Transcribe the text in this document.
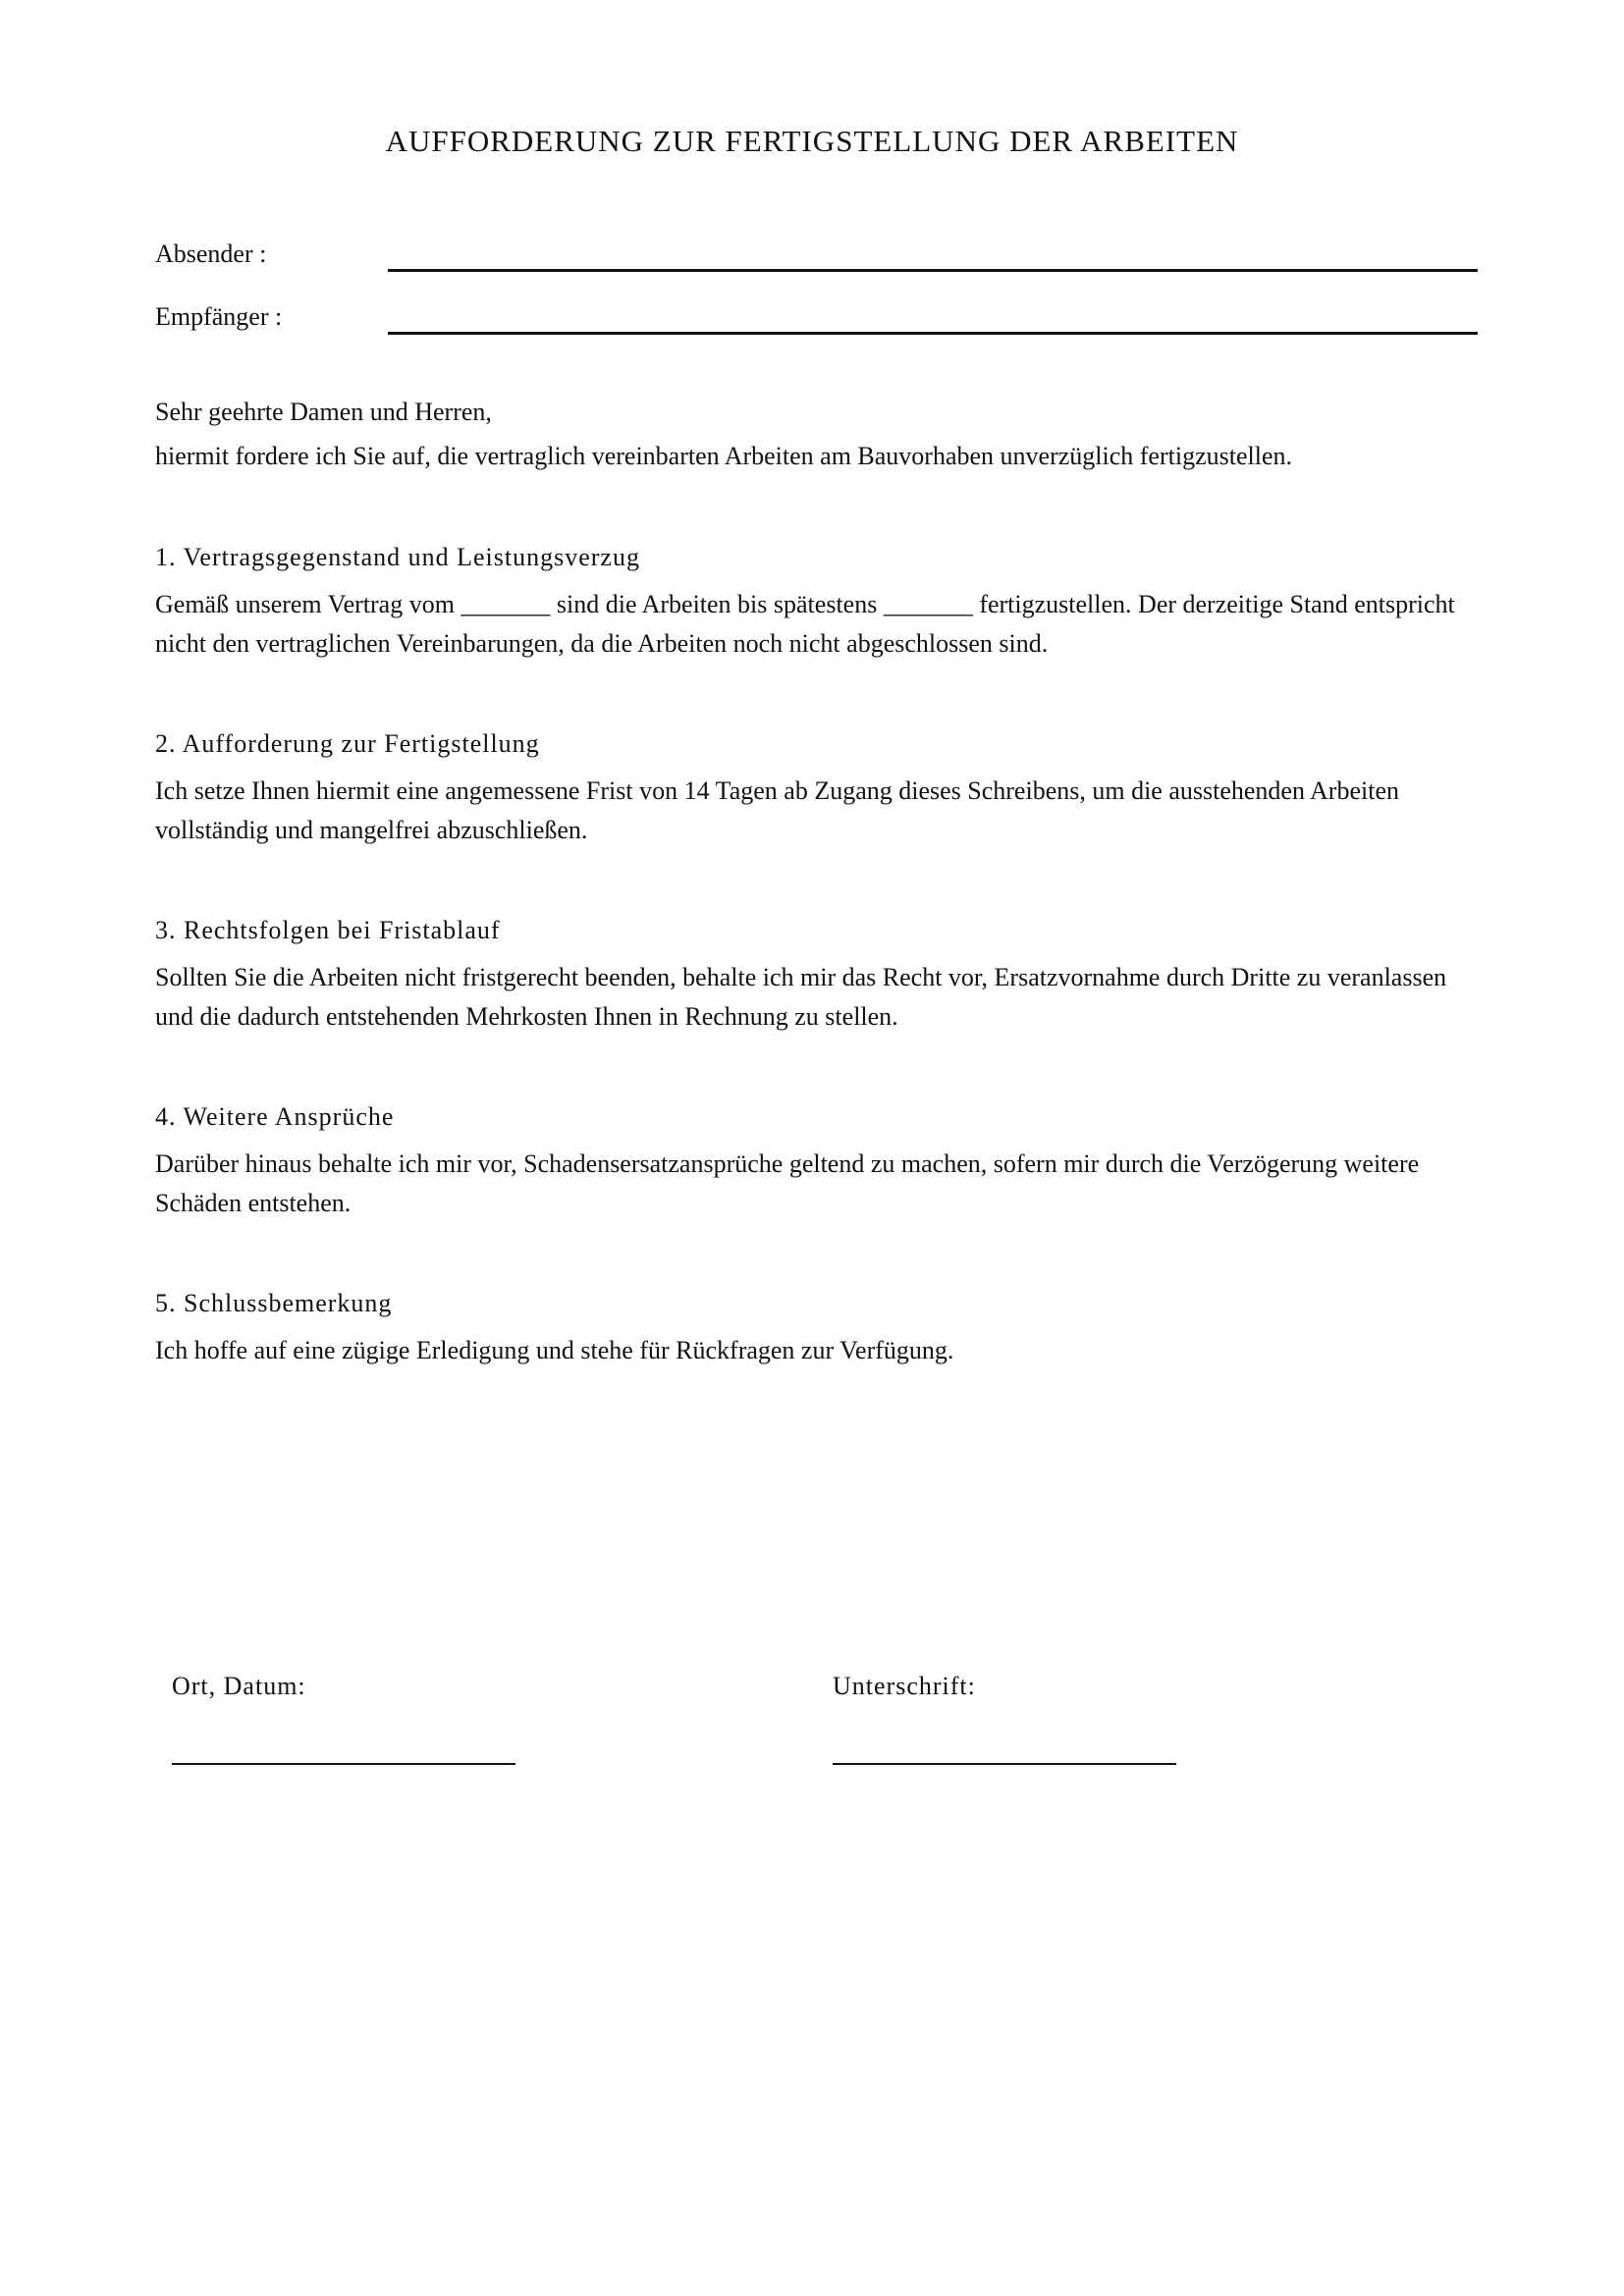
AUFFORDERUNG ZUR FERTIGSTELLUNG DER ARBEITEN
Absender :
Empfänger :
Sehr geehrte Damen und Herren,
hiermit fordere ich Sie auf, die vertraglich vereinbarten Arbeiten am Bauvorhaben unverzüglich fertigzustellen.
1. Vertragsgegenstand und Leistungsverzug
Gemäß unserem Vertrag vom _______ sind die Arbeiten bis spätestens _______ fertigzustellen. Der derzeitige Stand entspricht nicht den vertraglichen Vereinbarungen, da die Arbeiten noch nicht abgeschlossen sind.
2. Aufforderung zur Fertigstellung
Ich setze Ihnen hiermit eine angemessene Frist von 14 Tagen ab Zugang dieses Schreibens, um die ausstehenden Arbeiten vollständig und mangelfrei abzuschließen.
3. Rechtsfolgen bei Fristablauf
Sollten Sie die Arbeiten nicht fristgerecht beenden, behalte ich mir das Recht vor, Ersatzvornahme durch Dritte zu veranlassen und die dadurch entstehenden Mehrkosten Ihnen in Rechnung zu stellen.
4. Weitere Ansprüche
Darüber hinaus behalte ich mir vor, Schadensersatzansprüche geltend zu machen, sofern mir durch die Verzögerung weitere Schäden entstehen.
5. Schlussbemerkung
Ich hoffe auf eine zügige Erledigung und stehe für Rückfragen zur Verfügung.
Ort, Datum:	Unterschrift:
